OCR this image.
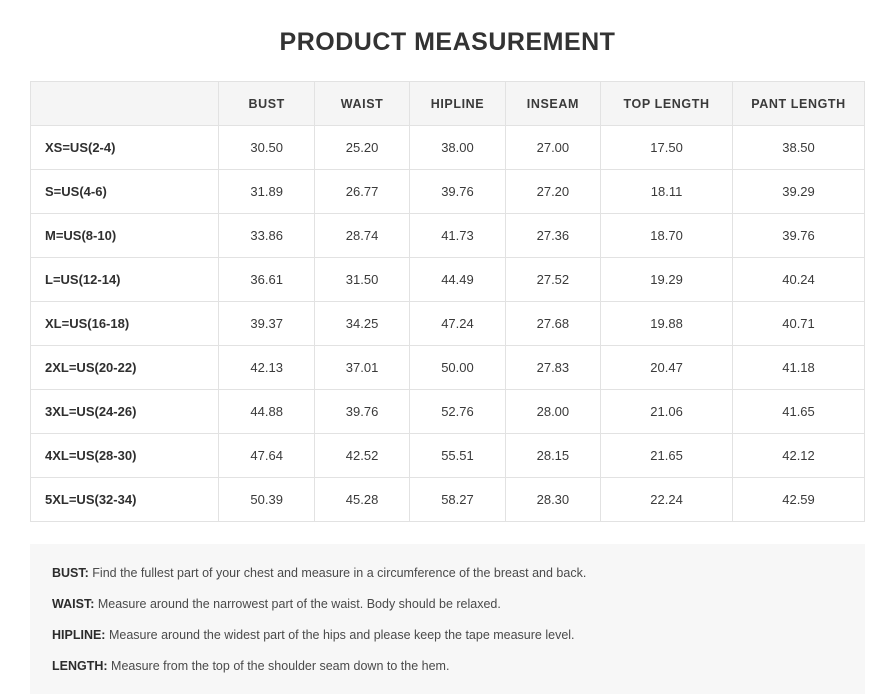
PRODUCT MEASUREMENT
	BUST	WAIST	HIPLINE	INSEAM	TOP LENGTH	PANT LENGTH
XS=US(2-4)	30.50	25.20	38.00	27.00	17.50	38.50
S=US(4-6)	31.89	26.77	39.76	27.20	18.11	39.29
M=US(8-10)	33.86	28.74	41.73	27.36	18.70	39.76
L=US(12-14)	36.61	31.50	44.49	27.52	19.29	40.24
XL=US(16-18)	39.37	34.25	47.24	27.68	19.88	40.71
2XL=US(20-22)	42.13	37.01	50.00	27.83	20.47	41.18
3XL=US(24-26)	44.88	39.76	52.76	28.00	21.06	41.65
4XL=US(28-30)	47.64	42.52	55.51	28.15	21.65	42.12
5XL=US(32-34)	50.39	45.28	58.27	28.30	22.24	42.59
BUST: Find the fullest part of your chest and measure in a circumference of the breast and back.
WAIST: Measure around the narrowest part of the waist. Body should be relaxed.
HIPLINE: Measure around the widest part of the hips and please keep the tape measure level.
LENGTH: Measure from the top of the shoulder seam down to the hem.
